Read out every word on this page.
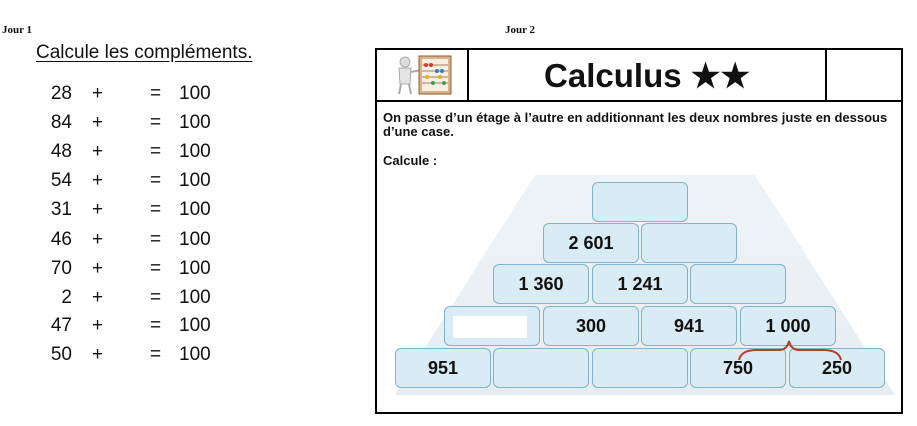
Jour 1
Calcule les compléments.
28 + = 100
84 + = 100
48 + = 100
54 + = 100
31 + = 100
46 + = 100
70 + = 100
2 + = 100
47 + = 100
50 + = 100
Jour 2
Calculus ★★
On passe d’un étage à l’autre en additionnant les deux nombres juste en dessous d’une case.
Calcule :
2 601
1 360	1 241
300	941	1 000
951	750	250
